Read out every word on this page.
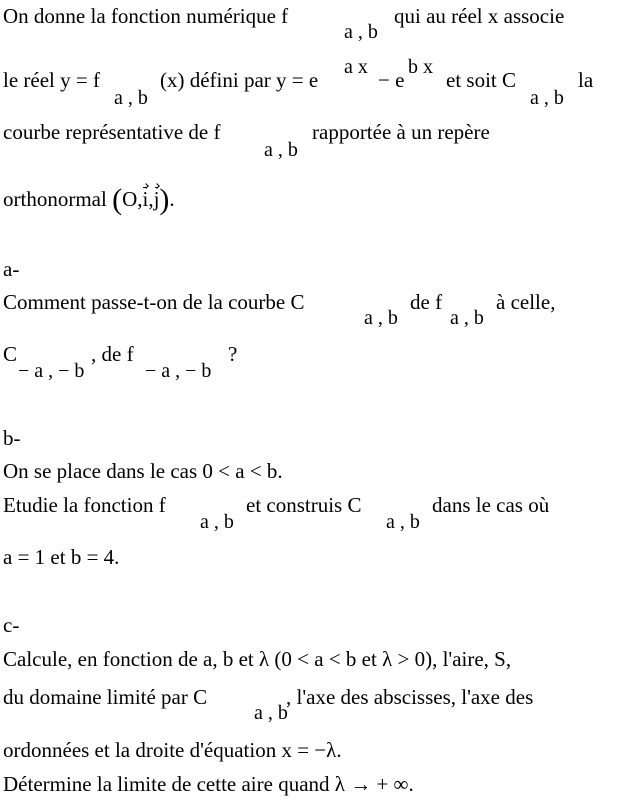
On donne la fonction numérique f
a , b
qui au réel x associe
le réel y = f
a , b
(x) défini par y = e
a x
− e
b x
et soit C
a , b
la
courbe représentative de f
a , b
rapportée à un repère
orthonormal (O,i,j).
a-
Comment passe-t-on de la courbe C
a , b
de f
a , b
à celle,
C
− a , − b
, de f
− a , − b
?
b-
On se place dans le cas 0 < a < b.
Etudie la fonction f
a , b
et construis C
a , b
dans le cas où
a = 1 et b = 4.
c-
Calcule, en fonction de a, b et λ (0 < a < b et λ > 0), l'aire, S,
du domaine limité par C
a , b
, l'axe des abscisses, l'axe des
ordonnées et la droite d'équation x = −λ.
Détermine la limite de cette aire quand λ → + ∞.
